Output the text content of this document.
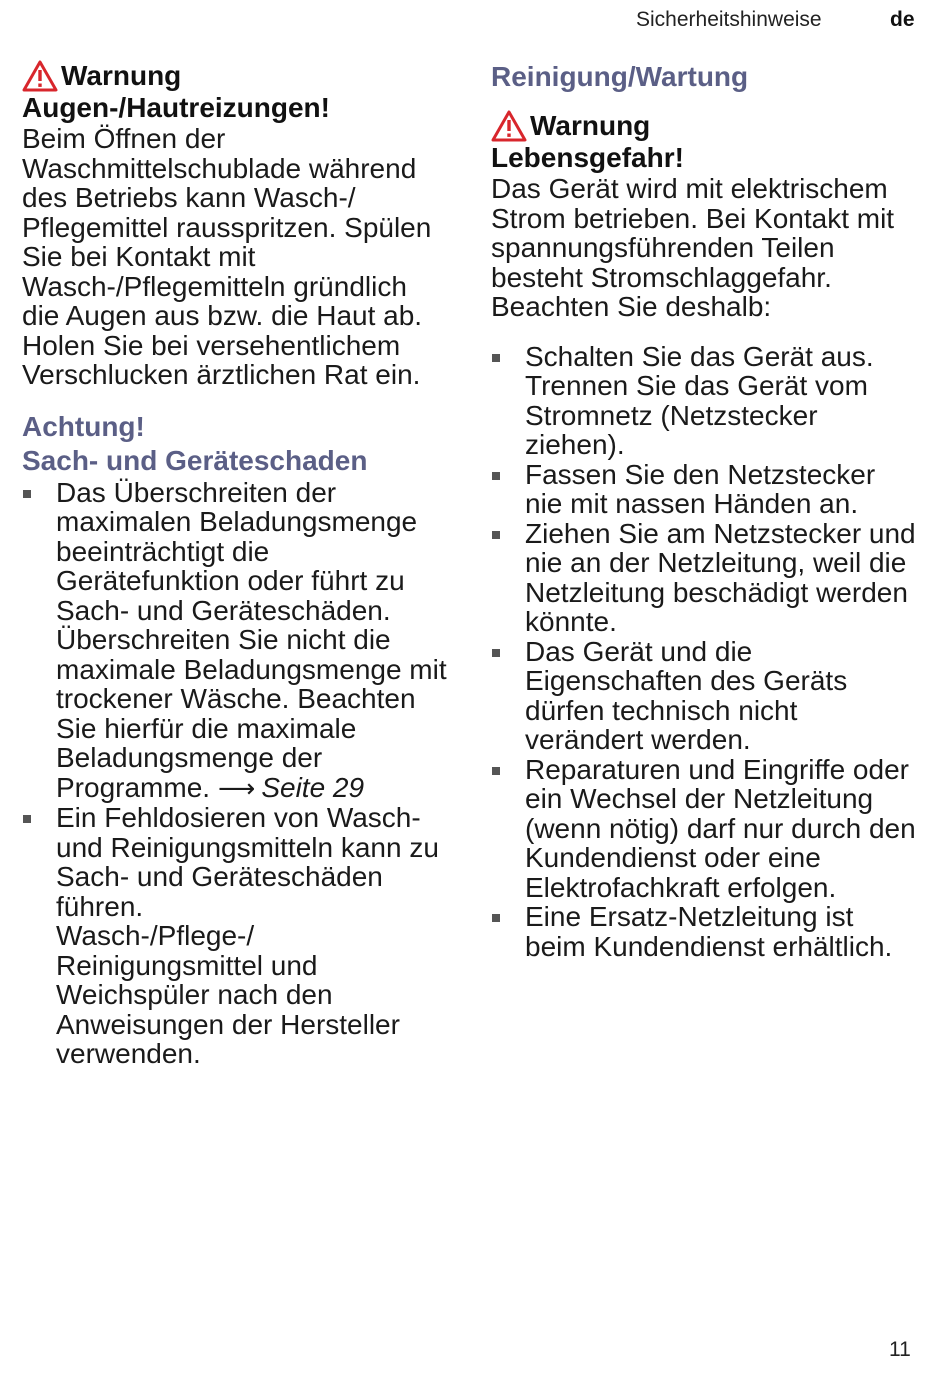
Sicherheitshinweise	de
Warnung
Augen-/Hautreizungen!

Beim Öffnen der Waschmittelschublade während des Betriebs kann Wasch-/ Pflegemittel rausspritzen. Spülen Sie bei Kontakt mit Wasch-/Pflegemitteln gründlich die Augen aus bzw. die Haut ab. Holen Sie bei versehentlichem Verschlucken ärztlichen Rat ein.

Achtung!
Sach- und Geräteschaden
Das Überschreiten der maximalen Beladungsmenge beeinträchtigt die Gerätefunktion oder führt zu Sach- und Geräteschäden. Überschreiten Sie nicht die maximale Beladungsmenge mit trockener Wäsche. Beachten Sie hierfür die maximale Beladungsmenge der Programme. ⟶ Seite 29
Ein Fehldosieren von Wasch- und Reinigungsmitteln kann zu Sach- und Geräteschäden führen.
Wasch-/Pflege-/ Reinigungsmittel und Weichspüler nach den Anweisungen der Hersteller verwenden.
Reinigung/Wartung
Warnung
Lebensgefahr!

Das Gerät wird mit elektrischem Strom betrieben. Bei Kontakt mit spannungsführenden Teilen besteht Stromschlaggefahr. Beachten Sie deshalb:

Schalten Sie das Gerät aus. Trennen Sie das Gerät vom Stromnetz (Netzstecker ziehen).
Fassen Sie den Netzstecker nie mit nassen Händen an.
Ziehen Sie am Netzstecker und nie an der Netzleitung, weil die Netzleitung beschädigt werden könnte.
Das Gerät und die Eigenschaften des Geräts dürfen technisch nicht verändert werden.
Reparaturen und Eingriffe oder ein Wechsel der Netzleitung (wenn nötig) darf nur durch den Kundendienst oder eine Elektrofachkraft erfolgen.
Eine Ersatz-Netzleitung ist beim Kundendienst erhältlich.
11
